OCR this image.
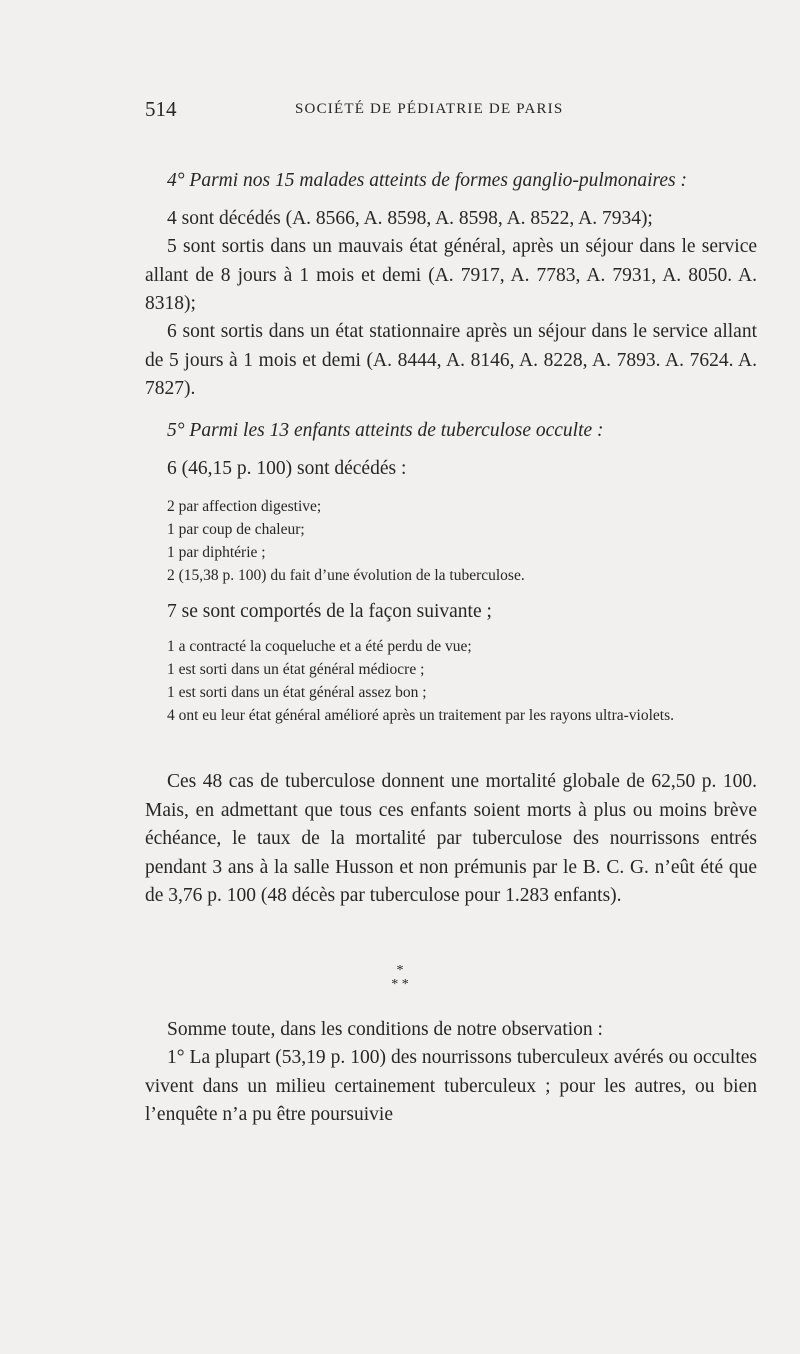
514	SOCIÉTÉ DE PÉDIATRIE DE PARIS

4° Parmi nos 15 malades atteints de formes ganglio-pulmonaires :

4 sont décédés (A. 8566, A. 8598, A. 8598, A. 8522, A. 7934);

5 sont sortis dans un mauvais état général, après un séjour dans le service allant de 8 jours à 1 mois et demi (A. 7917, A. 7783, A. 7931, A. 8050. A. 8318);

6 sont sortis dans un état stationnaire après un séjour dans le service allant de 5 jours à 1 mois et demi (A. 8444, A. 8146, A. 8228, A. 7893. A. 7624. A. 7827).

5° Parmi les 13 enfants atteints de tuberculose occulte :

6 (46,15 p. 100) sont décédés :

2 par affection digestive;

1 par coup de chaleur;

1 par diphtérie ;

2 (15,38 p. 100) du fait d’une évolution de la tuberculose.

7 se sont comportés de la façon suivante ;

1 a contracté la coqueluche et a été perdu de vue;

1 est sorti dans un état général médiocre ;

1 est sorti dans un état général assez bon ;

4 ont eu leur état général amélioré après un traitement par les rayons ultra-violets.

Ces 48 cas de tuberculose donnent une mortalité globale de 62,50 p. 100. Mais, en admettant que tous ces enfants soient morts à plus ou moins brève échéance, le taux de la mortalité par tuberculose des nourrissons entrés pendant 3 ans à la salle Husson et non prémunis par le B. C. G. n’eût été que de 3,76 p. 100 (48 décès par tuberculose pour 1.283 enfants).

*
* *

Somme toute, dans les conditions de notre observation :

1° La plupart (53,19 p. 100) des nourrissons tuberculeux avérés ou occultes vivent dans un milieu certainement tuberculeux ; pour les autres, ou bien l’enquête n’a pu être poursuivie
